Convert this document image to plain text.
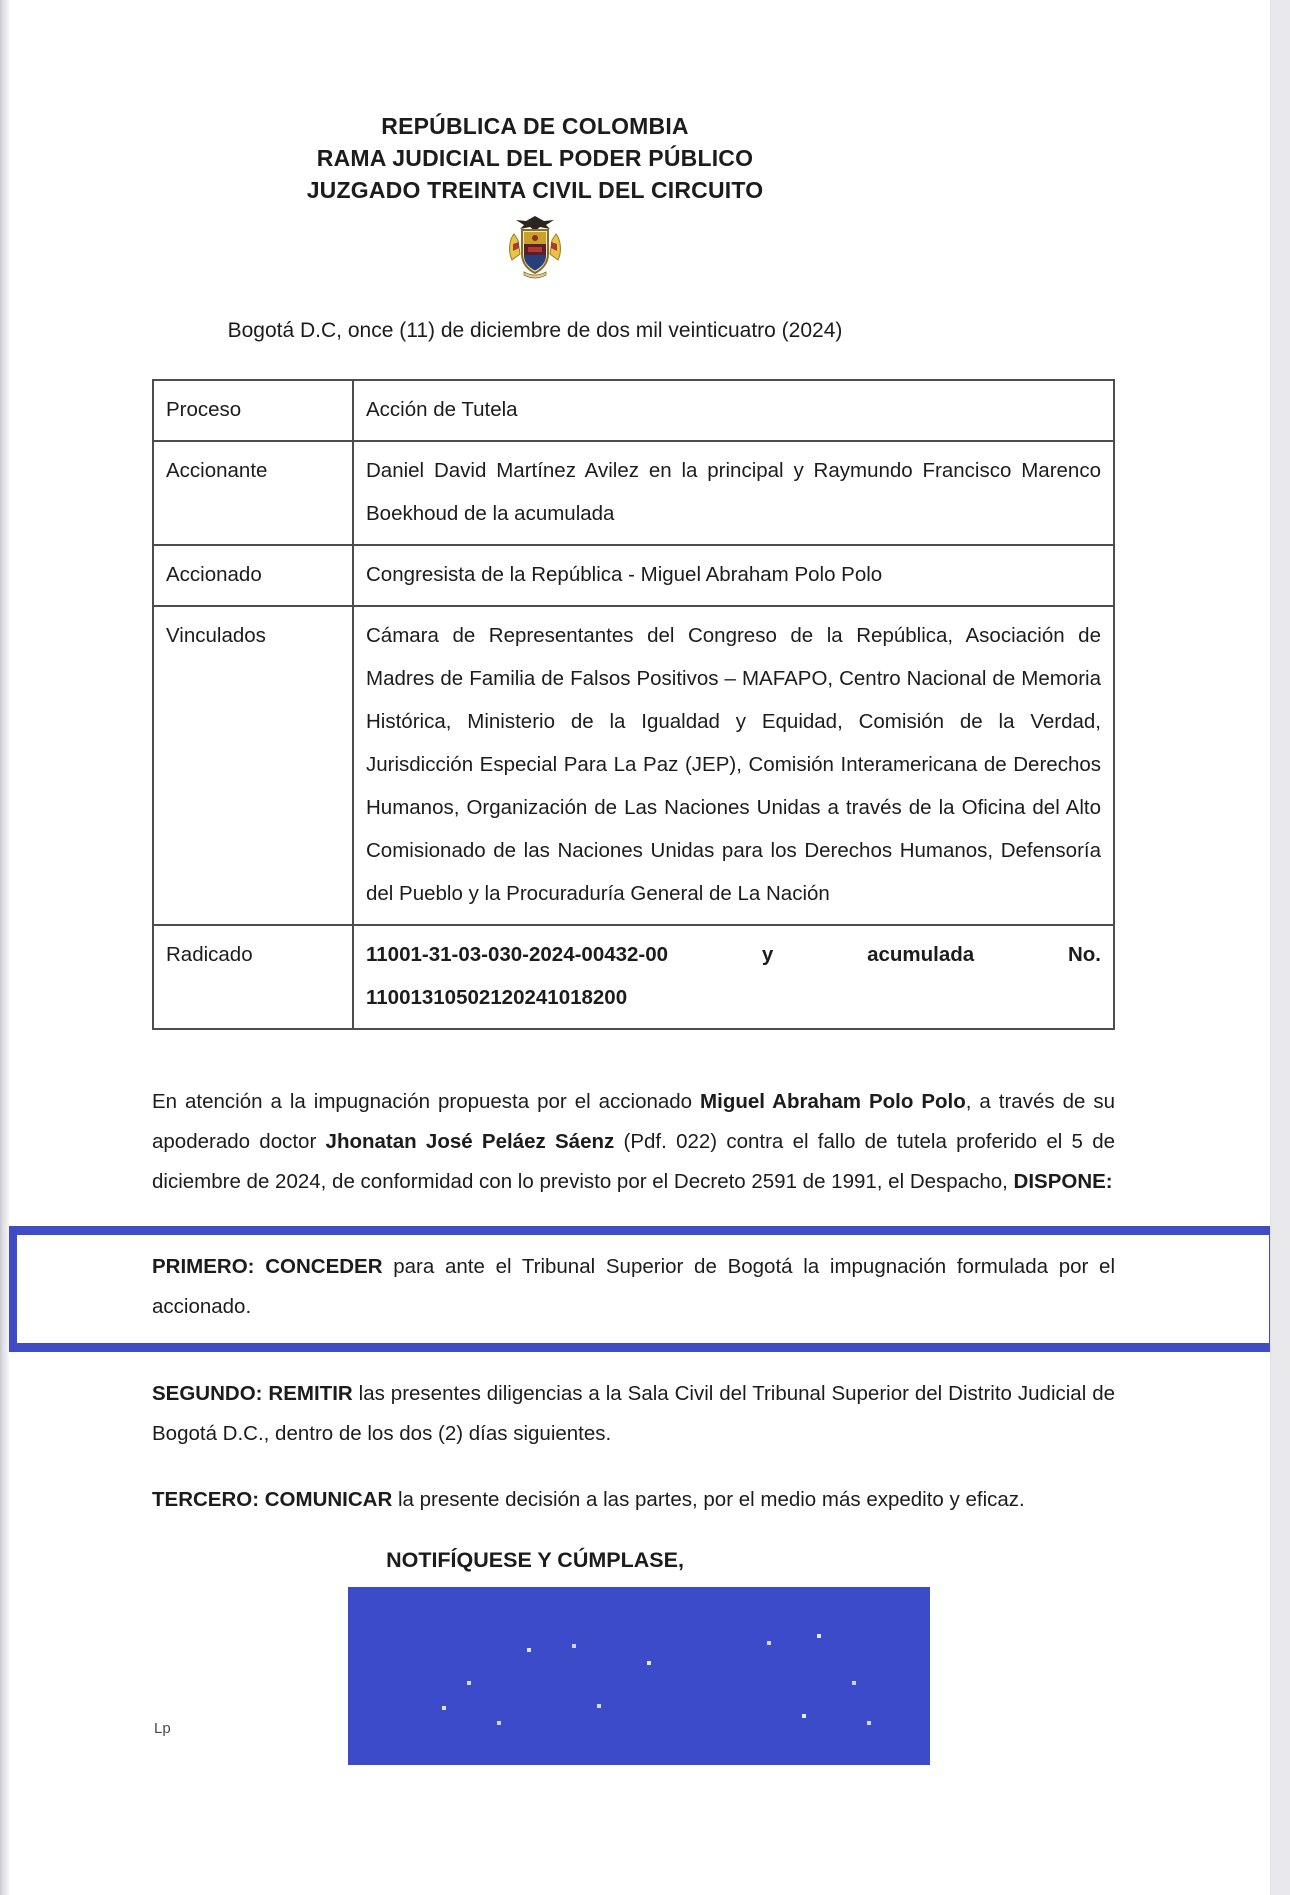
REPÚBLICA DE COLOMBIA
RAMA JUDICIAL DEL PODER PÚBLICO
JUZGADO TREINTA CIVIL DEL CIRCUITO
Bogotá D.C, once (11) de diciembre de dos mil veinticuatro (2024)
Proceso	Acción de Tutela
Accionante	Daniel David Martínez Avilez en la principal y Raymundo Francisco Marenco Boekhoud de la acumulada
Accionado	Congresista de la República - Miguel Abraham Polo Polo
Vinculados	Cámara de Representantes del Congreso de la República, Asociación de Madres de Familia de Falsos Positivos – MAFAPO, Centro Nacional de Memoria Histórica, Ministerio de la Igualdad y Equidad, Comisión de la Verdad, Jurisdicción Especial Para La Paz (JEP), Comisión Interamericana de Derechos Humanos, Organización de Las Naciones Unidas a través de la Oficina del Alto Comisionado de las Naciones Unidas para los Derechos Humanos, Defensoría del Pueblo y la Procuraduría General de La Nación
Radicado	11001-31-03-030-2024-00432-00 y acumulada No. 11001310502120241018200

En atención a la impugnación propuesta por el accionado Miguel Abraham Polo Polo, a través de su apoderado doctor Jhonatan José Peláez Sáenz (Pdf. 022) contra el fallo de tutela proferido el 5 de diciembre de 2024, de conformidad con lo previsto por el Decreto 2591 de 1991, el Despacho, DISPONE:

PRIMERO: CONCEDER para ante el Tribunal Superior de Bogotá la impugnación formulada por el accionado.

SEGUNDO: REMITIR las presentes diligencias a la Sala Civil del Tribunal Superior del Distrito Judicial de Bogotá D.C., dentro de los dos (2) días siguientes.

TERCERO: COMUNICAR la presente decisión a las partes, por el medio más expedito y eficaz.

NOTIFÍQUESE Y CÚMPLASE,
Lp
